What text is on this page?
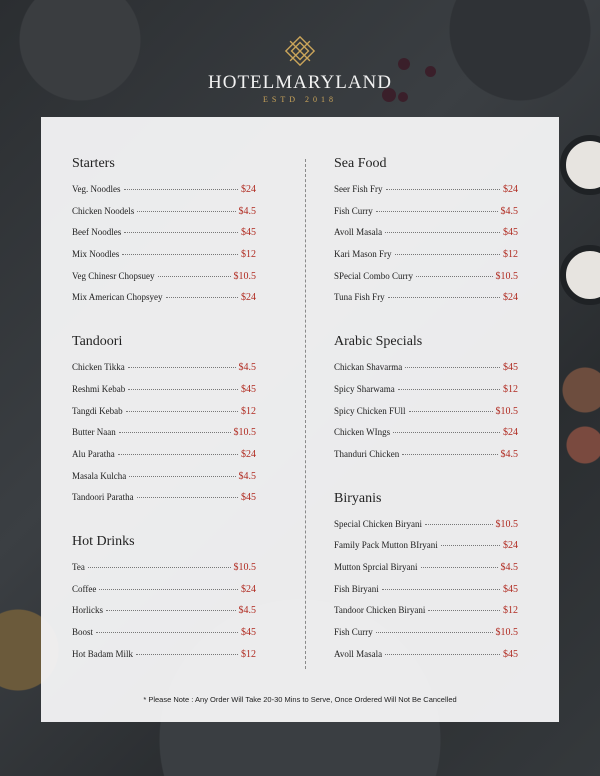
HOTELMARYLAND
ESTD 2018
Starters
Veg. Noodles	$24
Chicken Noodels	$4.5
Beef Noodles	$45
Mix Noodles	$12
Veg Chinesr Chopsuey	$10.5
Mix American Chopsyey	$24
Tandoori
Chicken Tikka	$4.5
Reshmi Kebab	$45
Tangdi Kebab	$12
Butter Naan	$10.5
Alu Paratha	$24
Masala Kulcha	$4.5
Tandoori Paratha	$45
Hot Drinks
Tea	$10.5
Coffee	$24
Horlicks	$4.5
Boost	$45
Hot Badam Milk	$12
Sea Food
Seer Fish Fry	$24
Fish Curry	$4.5
Avoll Masala	$45
Kari Mason Fry	$12
SPecial Combo Curry	$10.5
Tuna Fish Fry	$24
Arabic Specials
Chickan Shavarma	$45
Spicy Sharwama	$12
Spicy Chicken FUll	$10.5
Chicken WIngs	$24
Thanduri Chicken	$4.5
Biryanis
Special Chicken Biryani	$10.5
Family Pack Mutton BIryani	$24
Mutton Sprcial Biryani	$4.5
Fish Biryani	$45
Tandoor Chicken Biryani	$12
Fish Curry	$10.5
Avoll Masala	$45
* Please Note : Any Order Will Take 20-30 Mins to Serve, Once Ordered Will Not Be Cancelled
